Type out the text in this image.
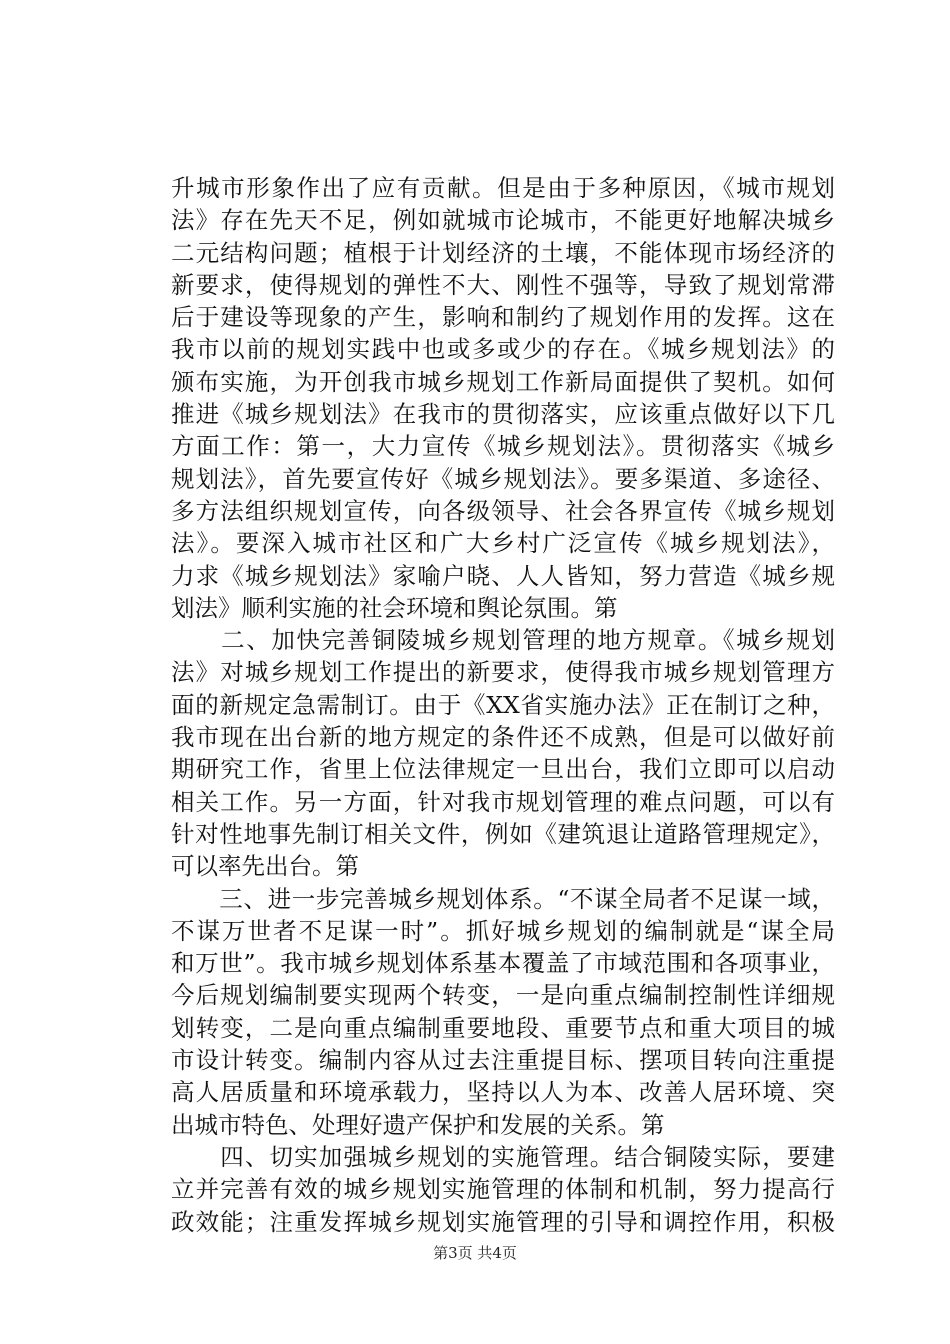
升城市形象作出了应有贡献。但是由于多种原因，《城市规划
法》存在先天不足，例如就城市论城市，不能更好地解决城乡
二元结构问题；植根于计划经济的土壤，不能体现市场经济的
新要求，使得规划的弹性不大、刚性不强等，导致了规划常滞
后于建设等现象的产生，影响和制约了规划作用的发挥。这在
我市以前的规划实践中也或多或少的存在。《城乡规划法》的
颁布实施，为开创我市城乡规划工作新局面提供了契机。如何
推进《城乡规划法》在我市的贯彻落实，应该重点做好以下几
方面工作：第一，大力宣传《城乡规划法》。贯彻落实《城乡
规划法》，首先要宣传好《城乡规划法》。要多渠道、多途径、
多方法组织规划宣传，向各级领导、社会各界宣传《城乡规划
法》。要深入城市社区和广大乡村广泛宣传《城乡规划法》，
力求《城乡规划法》家喻户晓、人人皆知，努力营造《城乡规
划法》顺利实施的社会环境和舆论氛围。第
　　二、加快完善铜陵城乡规划管理的地方规章。《城乡规划
法》对城乡规划工作提出的新要求，使得我市城乡规划管理方
面的新规定急需制订。由于《XX省实施办法》正在制订之种，
我市现在出台新的地方规定的条件还不成熟，但是可以做好前
期研究工作，省里上位法律规定一旦出台，我们立即可以启动
相关工作。另一方面，针对我市规划管理的难点问题，可以有
针对性地事先制订相关文件，例如《建筑退让道路管理规定》，
可以率先出台。第
　　三、进一步完善城乡规划体系。“不谋全局者不足谋一域，
不谋万世者不足谋一时”。抓好城乡规划的编制就是“谋全局
和万世”。我市城乡规划体系基本覆盖了市域范围和各项事业，
今后规划编制要实现两个转变，一是向重点编制控制性详细规
划转变，二是向重点编制重要地段、重要节点和重大项目的城
市设计转变。编制内容从过去注重提目标、摆项目转向注重提
高人居质量和环境承载力，坚持以人为本、改善人居环境、突
出城市特色、处理好遗产保护和发展的关系。第
　　四、切实加强城乡规划的实施管理。结合铜陵实际，要建
立并完善有效的城乡规划实施管理的体制和机制，努力提高行
政效能；注重发挥城乡规划实施管理的引导和调控作用，积极
第3页 共4页
